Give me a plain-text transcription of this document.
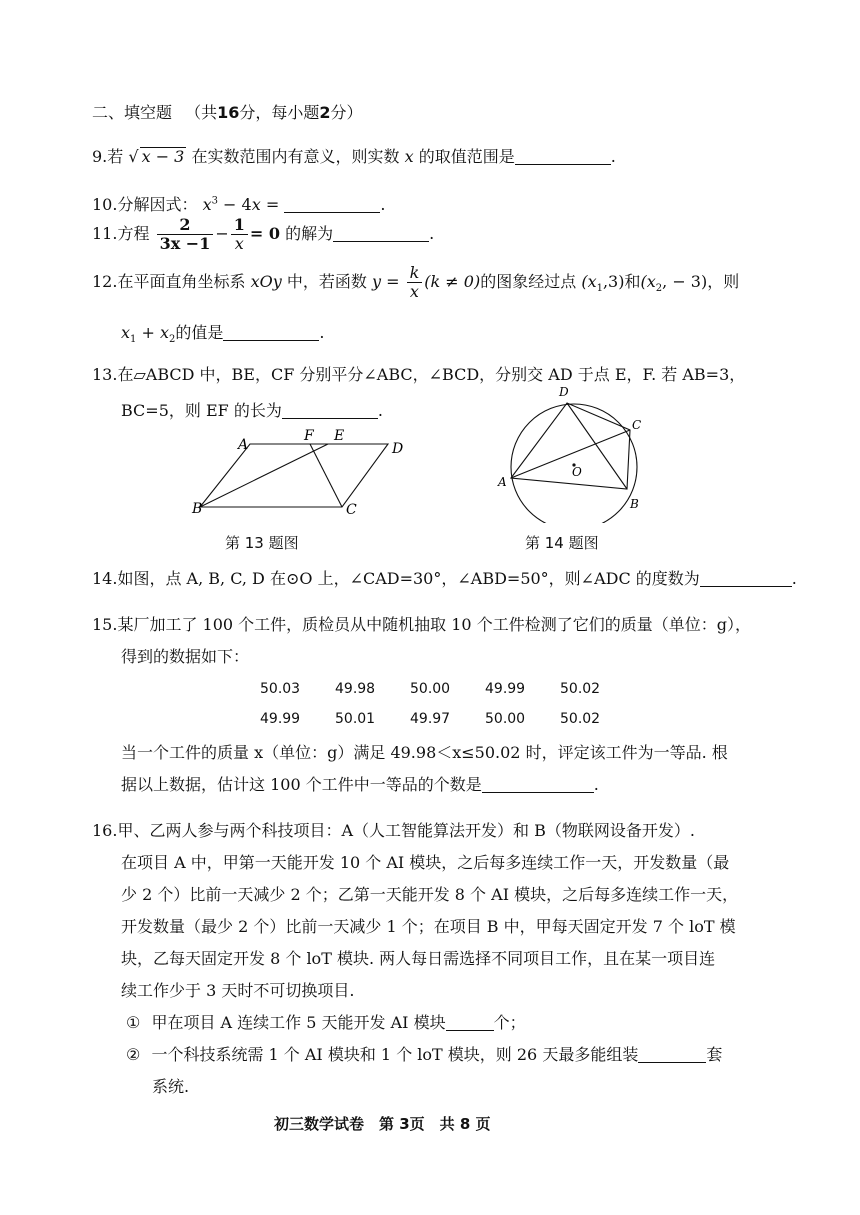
二、填空题 （共16分，每小题2分）
9.若 √ x − 3 在实数范围内有意义，则实数 x 的取值范围是	.
10.分解因式： $x^3 - 4x$ =	.
11.方程 $\frac{2}{3x -1} - \frac{1}{x} = 0$ 的解为	.
12.在平面直角坐标系 xOy 中，若函数 $y = \frac{k}{x} (k \ne 0)$的图象经过点 $(x_1,3)$和($x_2$, − 3)，则
$x_1 + x_2$的值是	.
13.在▱ABCD 中，BE，CF 分别平分∠ABC，∠BCD，分别交 AD 于点 E，F. 若 AB=3，
BC=5，则 EF 的长为	.
A
B	C
D
F E
A
B
C
D
O
第 13 题图	第 14 题图
14.如图，点 A, B, C, D 在⊙O 上，∠CAD=30°，∠ABD=50°，则∠ADC 的度数为	.
15.某厂加工了 100 个工件，质检员从中随机抽取 10 个工件检测了它们的质量（单位：g），
得到的数据如下：
50.03 49.98 50.00 49.99 50.02
49.99 50.01 49.97 50.00 50.02
当一个工件的质量 x（单位：g）满足 49.98＜x≤50.02 时，评定该工件为一等品. 根
据以上数据，估计这 100 个工件中一等品的个数是	.
16.甲、乙两人参与两个科技项目：A（人工智能算法开发）和 B（物联网设备开发）.
在项目 A 中，甲第一天能开发 10 个 AI 模块，之后每多连续工作一天，开发数量（最
少 2 个）比前一天减少 2 个；乙第一天能开发 8 个 AI 模块，之后每多连续工作一天，
开发数量（最少 2 个）比前一天减少 1 个；在项目 B 中，甲每天固定开发 7 个 loT 模
块，乙每天固定开发 8 个 loT 模块. 两人每日需选择不同项目工作，且在某一项目连
续工作少于 3 天时不可切换项目.
① 甲在项目 A 连续工作 5 天能开发 AI 模块	个；
② 一个科技系统需 1 个 AI 模块和 1 个 loT 模块，则 26 天最多能组装	套
系统.
初三数学试卷　第 3页　共 8 页
